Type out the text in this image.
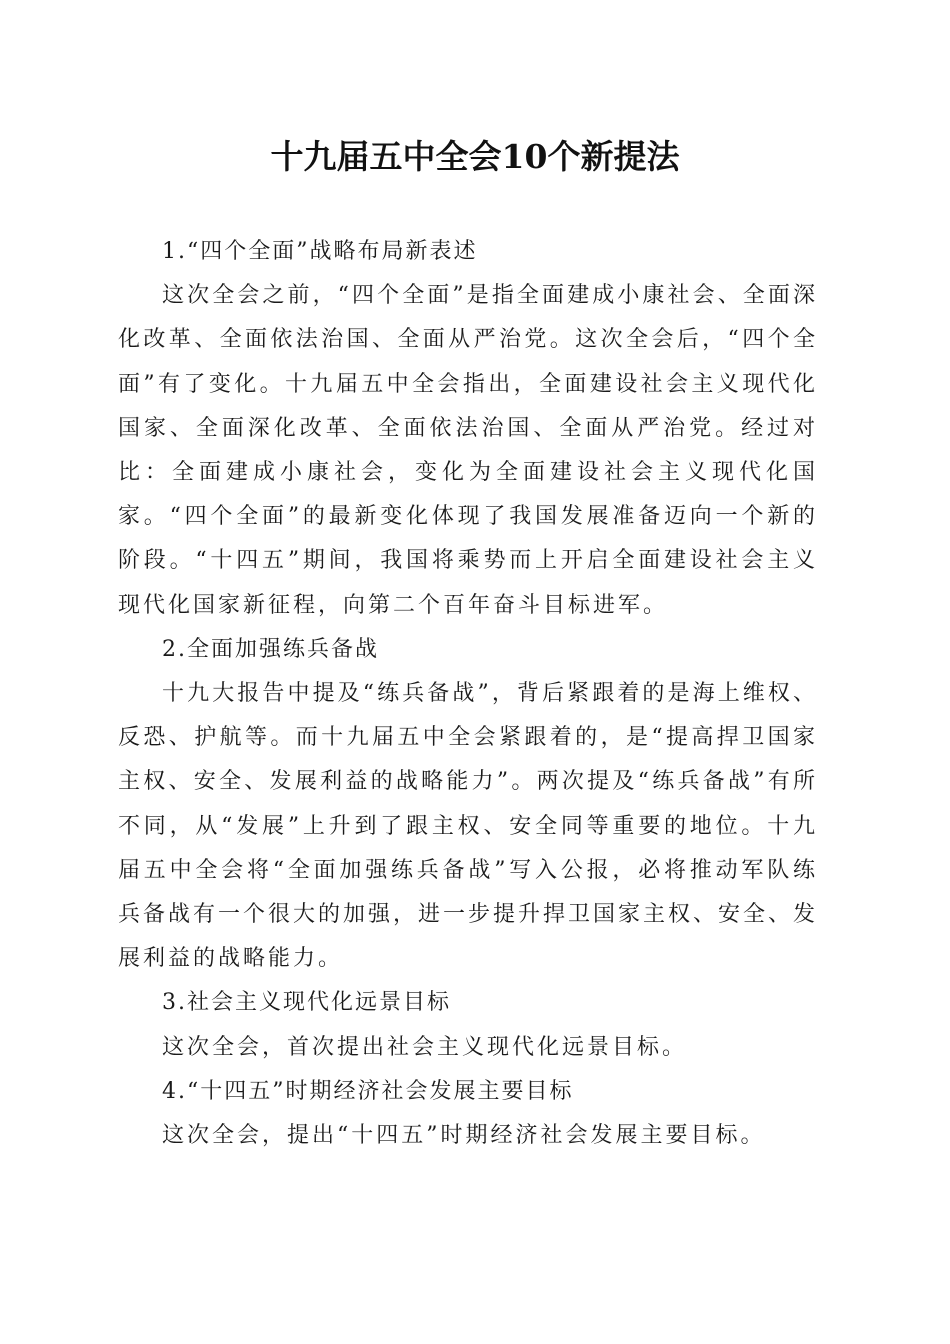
十九届五中全会10个新提法

1.“四个全面”战略布局新表述

这次全会之前，“四个全面”是指全面建成小康社会、全面深化改革、全面依法治国、全面从严治党。这次全会后，“四个全面”有了变化。十九届五中全会指出，全面建设社会主义现代化国家、全面深化改革、全面依法治国、全面从严治党。经过对比：全面建成小康社会，变化为全面建设社会主义现代化国家。“四个全面”的最新变化体现了我国发展准备迈向一个新的阶段。“十四五”期间，我国将乘势而上开启全面建设社会主义现代化国家新征程，向第二个百年奋斗目标进军。

2.全面加强练兵备战

十九大报告中提及“练兵备战”，背后紧跟着的是海上维权、反恐、护航等。而十九届五中全会紧跟着的，是“提高捍卫国家主权、安全、发展利益的战略能力”。两次提及“练兵备战”有所不同，从“发展”上升到了跟主权、安全同等重要的地位。十九届五中全会将“全面加强练兵备战”写入公报，必将推动军队练兵备战有一个很大的加强，进一步提升捍卫国家主权、安全、发展利益的战略能力。

3.社会主义现代化远景目标

这次全会，首次提出社会主义现代化远景目标。

4.“十四五”时期经济社会发展主要目标

这次全会，提出“十四五”时期经济社会发展主要目标。
